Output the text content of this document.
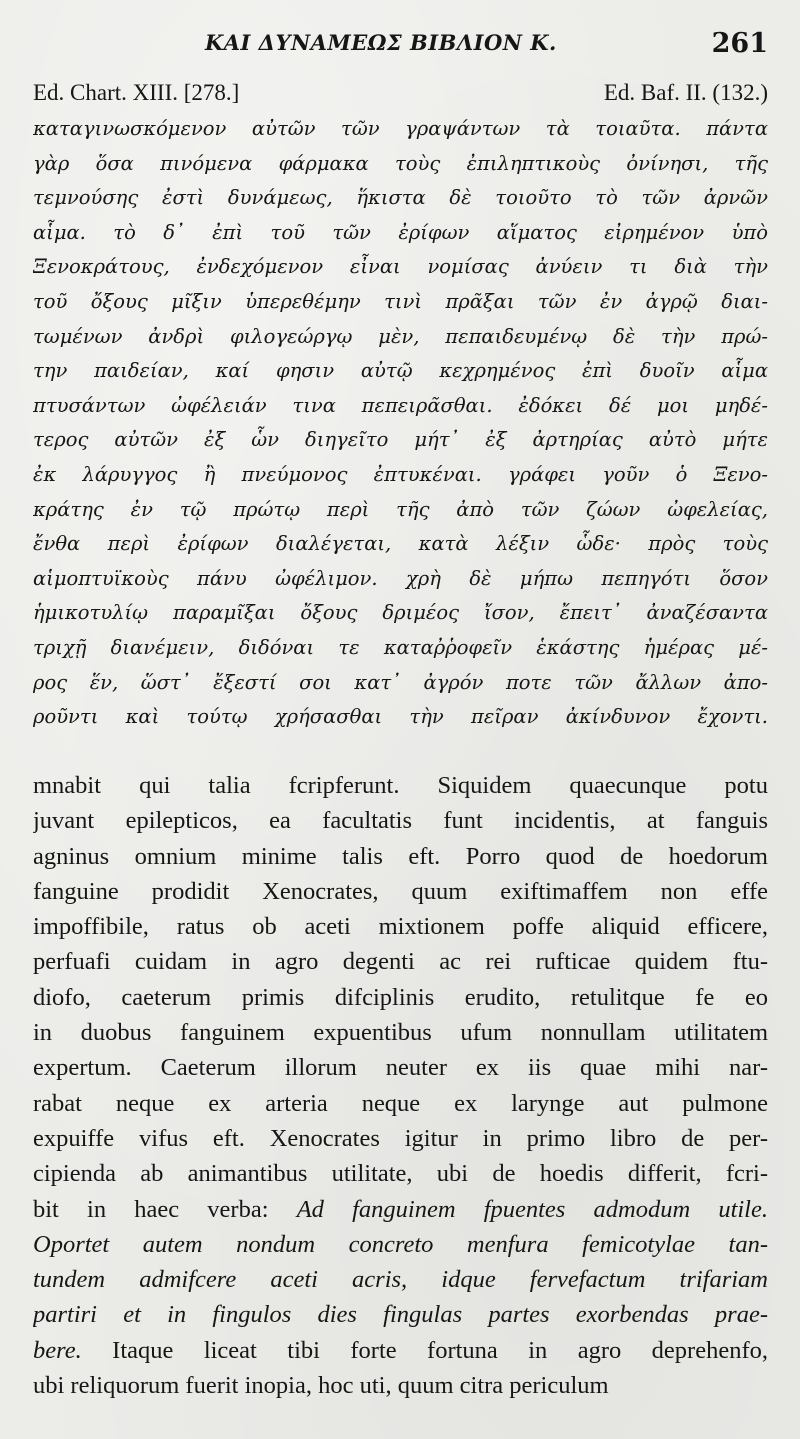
ΚΑΙ ΔΥΝΑΜΕΩΣ ΒΙΒΛΙΟΝ Κ.	261
Ed. Chart. XIII. [278.]	Ed. Baf. II. (132.)
καταγινωσκόμενον αὐτῶν τῶν γραψάντων τὰ τοιαῦτα. πάντα
γὰρ ὅσα πινόμενα φάρμακα τοὺς ἐπιληπτικοὺς ὀνίνησι, τῆς
τεμνούσης ἐστὶ δυνάμεως, ἥκιστα δὲ τοιοῦτο τὸ τῶν ἀρνῶν
αἷμα. τὸ δ᾿ ἐπὶ τοῦ τῶν ἐρίφων αἵματος εἰρημένον ὑπὸ
Ξενοκράτους, ἐνδεχόμενον εἶναι νομίσας ἀνύειν τι διὰ τὴν
τοῦ ὄξους μῖξιν ὑπερεθέμην τινὶ πρᾶξαι τῶν ἐν ἀγρῷ διαι-
τωμένων ἀνδρὶ φιλογεώργῳ μὲν, πεπαιδευμένῳ δὲ τὴν πρώ-
την παιδείαν, καί φησιν αὐτῷ κεχρημένος ἐπὶ δυοῖν αἷμα
πτυσάντων ὠφέλειάν τινα πεπειρᾶσθαι. ἐδόκει δέ μοι μηδέ-
τερος αὐτῶν ἐξ ὧν διηγεῖτο μήτ᾿ ἐξ ἀρτηρίας αὐτὸ μήτε
ἐκ λάρυγγος ἢ πνεύμονος ἐπτυκέναι. γράφει γοῦν ὁ Ξενο-
κράτης ἐν τῷ πρώτῳ περὶ τῆς ἀπὸ τῶν ζώων ὠφελείας,
ἔνθα περὶ ἐρίφων διαλέγεται, κατὰ λέξιν ὧδε· πρὸς τοὺς
αἱμοπτυϊκοὺς πάνυ ὠφέλιμον. χρὴ δὲ μήπω πεπηγότι ὅσον
ἡμικοτυλίῳ παραμῖξαι ὄξους δριμέος ἴσον, ἔπειτ᾿ ἀναζέσαντα
τριχῇ διανέμειν, διδόναι τε καταῤῥοφεῖν ἑκάστης ἡμέρας μέ-
ρος ἕν, ὥστ᾿ ἔξεστί σοι κατ᾿ ἀγρόν ποτε τῶν ἄλλων ἀπο-
ροῦντι καὶ τούτῳ χρήσασθαι τὴν πεῖραν ἀκίνδυνον ἔχοντι.
mnabit qui talia fcripferunt. Siquidem quaecunque potu
juvant epilepticos, ea facultatis funt incidentis, at fanguis
agninus omnium minime talis eft. Porro quod de hoedorum
fanguine prodidit Xenocrates, quum exiftimaffem non effe
impoffibile, ratus ob aceti mixtionem poffe aliquid efficere,
perfuafi cuidam in agro degenti ac rei rufticae quidem ftu-
diofo, caeterum primis difciplinis erudito, retulitque fe eo
in duobus fanguinem expuentibus ufum nonnullam utilitatem
expertum. Caeterum illorum neuter ex iis quae mihi nar-
rabat neque ex arteria neque ex larynge aut pulmone
expuiffe vifus eft. Xenocrates igitur in primo libro de per-
cipienda ab animantibus utilitate, ubi de hoedis differit, fcri-
bit in haec verba: Ad fanguinem fpuentes admodum utile.
Oportet autem nondum concreto menfura femicotylae tan-
tundem admifcere aceti acris, idque fervefactum trifariam
partiri et in fingulos dies fingulas partes exorbendas prae-
bere. Itaque liceat tibi forte fortuna in agro deprehenfo,
ubi reliquorum fuerit inopia, hoc uti, quum citra periculum
